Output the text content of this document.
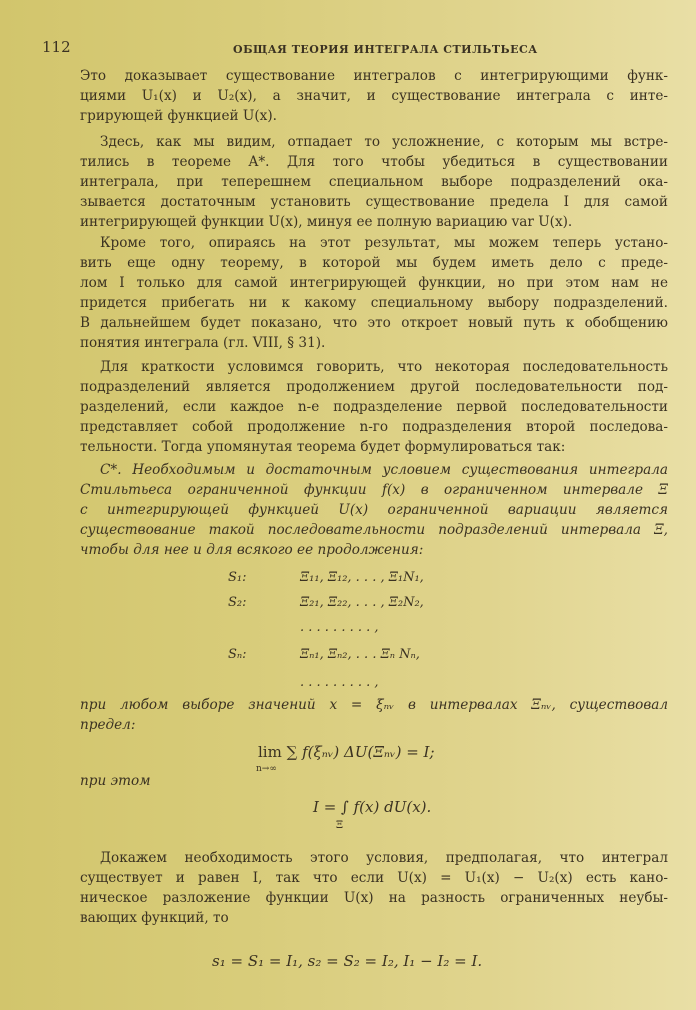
112	ОБЩАЯ ТЕОРИЯ ИНТЕГРАЛА СТИЛЬТЬЕСА
Это доказывает существование интегралов с интегрирующими функ-
циями U₁(x) и U₂(x), а значит, и существование интеграла с инте-
грирующей функцией U(x).
Здесь, как мы видим, отпадает то усложнение, с которым мы встре-
тились в теореме A*. Для того чтобы убедиться в существовании
интеграла, при теперешнем специальном выборе подразделений ока-
зывается достаточным установить существование предела I для самой
интегрирующей функции U(x), минуя ее полную вариацию var U(x).
Кроме того, опираясь на этот результат, мы можем теперь устано-
вить еще одну теорему, в которой мы будем иметь дело с преде-
лом I только для самой интегрирующей функции, но при этом нам не
придется прибегать ни к какому специальному выбору подразделений.
В дальнейшем будет показано, что это откроет новый путь к обобщению
понятия интеграла (гл. VIII, § 31).
Для краткости условимся говорить, что некоторая последовательность
подразделений является продолжением другой последовательности под-
разделений, если каждое n-е подразделение первой последовательности
представляет собой продолжение n-го подразделения второй последова-
тельности. Тогда упомянутая теорема будет формулироваться так:
C*. Необходимым и достаточным условием существования интеграла
Стильтьеса ограниченной функции f(x) в ограниченном интервале Ξ
с интегрирующей функцией U(x) ограниченной вариации является
существование такой последовательности подразделений интервала Ξ,
чтобы для нее и для всякого ее продолжения:
S₁:	Ξ₁₁, Ξ₁₂, . . . , Ξ₁N₁,
S₂:	Ξ₂₁, Ξ₂₂, . . . , Ξ₂N₂,
. . . . . . . . . ,
Sₙ:	Ξₙ₁, Ξₙ₂, . . . Ξₙ Nₙ,
. . . . . . . . . ,
при любом выборе значений x = ξₙᵥ в интервалах Ξₙᵥ, существовал
предел:
lim ∑ f(ξₙᵥ) ΔU(Ξₙᵥ) = I;
n→∞
при этом
I = ∫ f(x) dU(x).
Ξ
Докажем необходимость этого условия, предполагая, что интеграл
существует и равен I, так что если U(x) = U₁(x) − U₂(x) есть кано-
ническое разложение функции U(x) на разность ограниченных неубы-
вающих функций, то
s₁ = S₁ = I₁, s₂ = S₂ = I₂, I₁ − I₂ = I.
